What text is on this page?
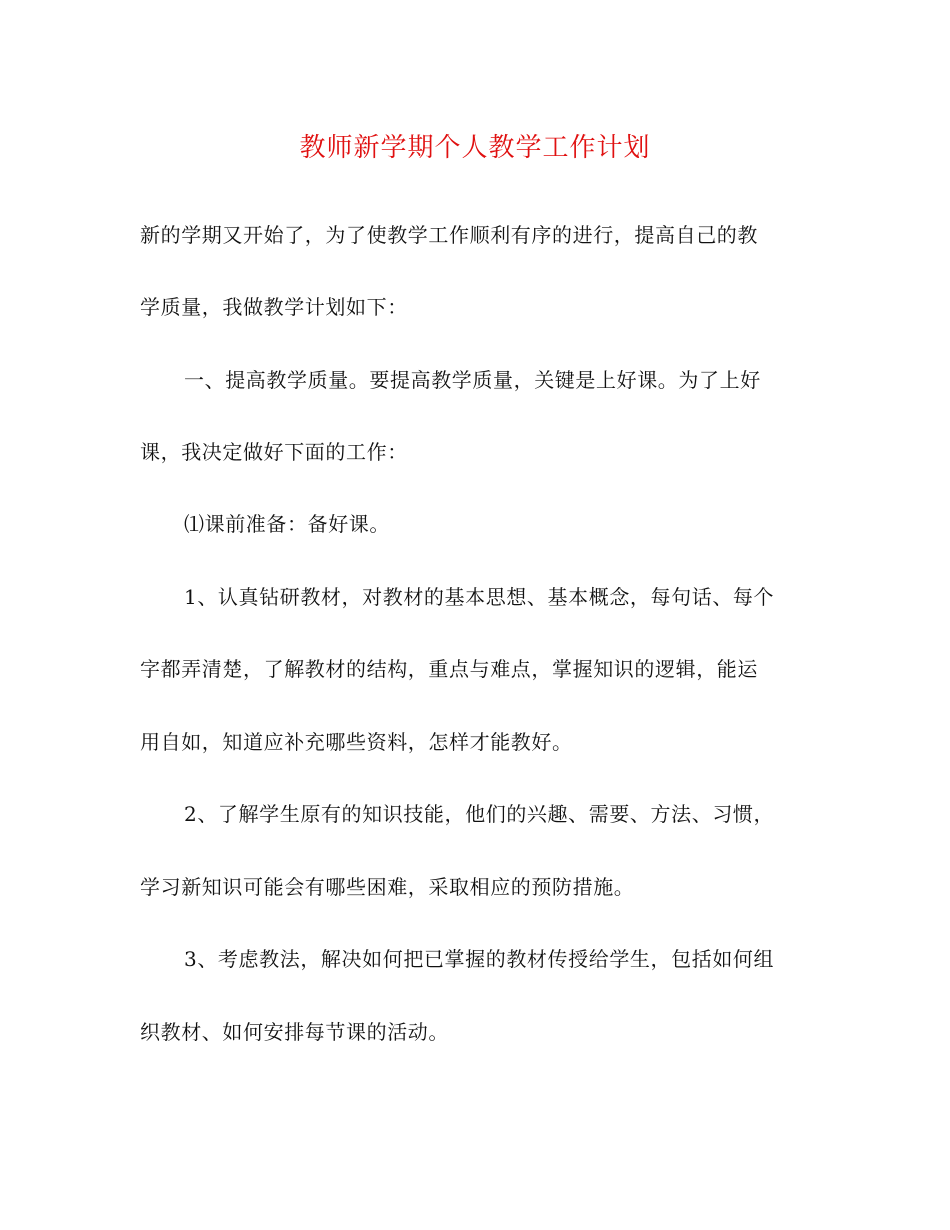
教师新学期个人教学工作计划
新的学期又开始了，为了使教学工作顺利有序的进行，提高自己的教
学质量，我做教学计划如下：
一、提高教学质量。要提高教学质量，关键是上好课。为了上好
课，我决定做好下面的工作：
⑴课前准备：备好课。
1、认真钻研教材，对教材的基本思想、基本概念，每句话、每个
字都弄清楚，了解教材的结构，重点与难点，掌握知识的逻辑，能运
用自如，知道应补充哪些资料，怎样才能教好。
2、了解学生原有的知识技能，他们的兴趣、需要、方法、习惯，
学习新知识可能会有哪些困难，采取相应的预防措施。
3、考虑教法，解决如何把已掌握的教材传授给学生，包括如何组
织教材、如何安排每节课的活动。
